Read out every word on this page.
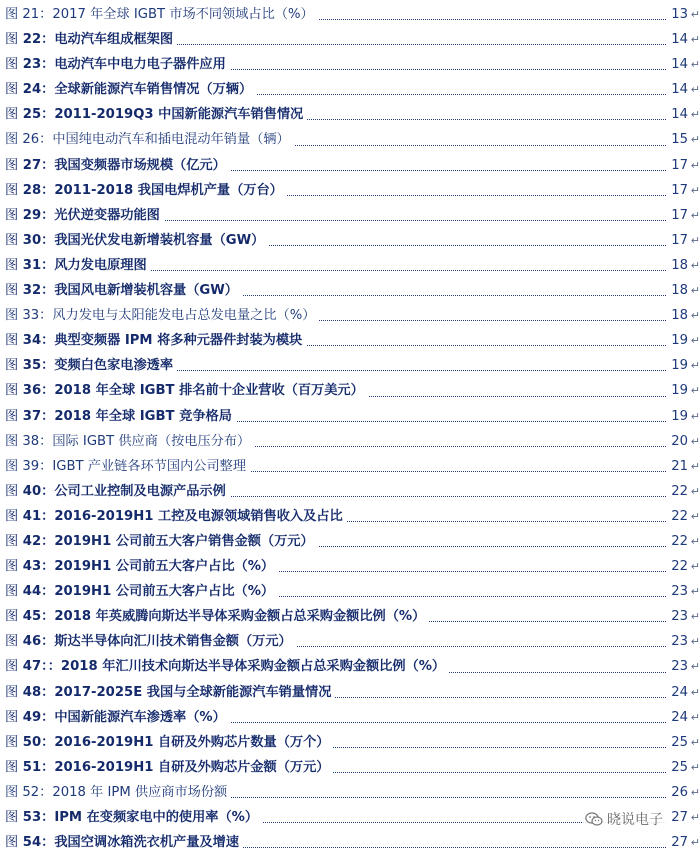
图 21：2017 年全球 IGBT 市场不同领域占比（%）	13 ↵
图 22：电动汽车组成框架图	14 ↵
图 23：电动汽车中电力电子器件应用	14 ↵
图 24：全球新能源汽车销售情况（万辆）	14 ↵
图 25：2011-2019Q3 中国新能源汽车销售情况	14 ↵
图 26：中国纯电动汽车和插电混动年销量（辆）	15 ↵
图 27：我国变频器市场规模（亿元）	17 ↵
图 28：2011-2018 我国电焊机产量（万台）	17 ↵
图 29：光伏逆变器功能图	17 ↵
图 30：我国光伏发电新增装机容量（GW）	17 ↵
图 31：风力发电原理图	18 ↵
图 32：我国风电新增装机容量（GW）	18 ↵
图 33：风力发电与太阳能发电占总发电量之比（%）	18 ↵
图 34：典型变频器 IPM 将多种元器件封装为模块	19 ↵
图 35：变频白色家电渗透率	19 ↵
图 36：2018 年全球 IGBT 排名前十企业营收（百万美元）	19 ↵
图 37：2018 年全球 IGBT 竞争格局	19 ↵
图 38：国际 IGBT 供应商（按电压分布）	20 ↵
图 39：IGBT 产业链各环节国内公司整理	21 ↵
图 40：公司工业控制及电源产品示例	22 ↵
图 41：2016-2019H1 工控及电源领域销售收入及占比	22 ↵
图 42：2019H1 公司前五大客户销售金额（万元）	22 ↵
图 43：2019H1 公司前五大客户占比（%）	22 ↵
图 44：2019H1 公司前五大客户占比（%）	23 ↵
图 45：2018 年英威腾向斯达半导体采购金额占总采购金额比例（%）	23 ↵
图 46：斯达半导体向汇川技术销售金额（万元）	23 ↵
图 47：：2018 年汇川技术向斯达半导体采购金额占总采购金额比例（%）	23 ↵
图 48：2017-2025E 我国与全球新能源汽车销量情况	24 ↵
图 49：中国新能源汽车渗透率（%）	24 ↵
图 50：2016-2019H1 自研及外购芯片数量（万个）	25 ↵
图 51：2016-2019H1 自研及外购芯片金额（万元）	25 ↵
图 52：2018 年 IPM 供应商市场份额	26 ↵
图 53：IPM 在变频家电中的使用率（%）	27 ↵
图 54：我国空调冰箱洗衣机产量及增速	27 ↵
晓说电子
